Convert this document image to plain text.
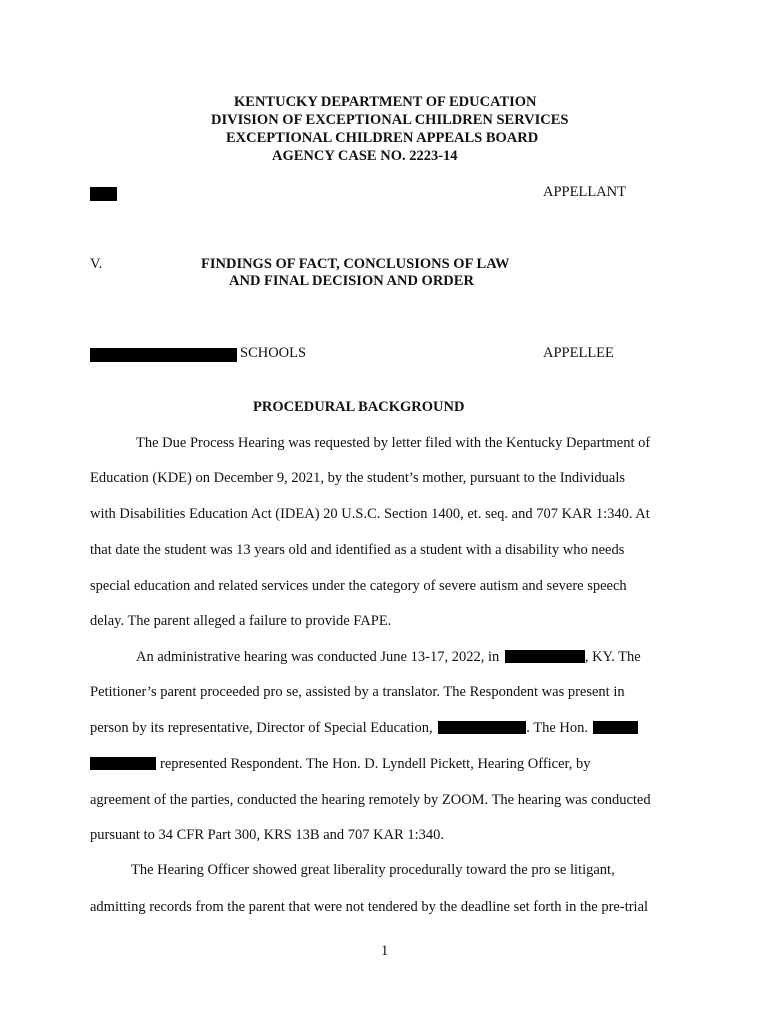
KENTUCKY DEPARTMENT OF EDUCATION
DIVISION OF EXCEPTIONAL CHILDREN SERVICES
EXCEPTIONAL CHILDREN APPEALS BOARD
AGENCY CASE NO. 2223-14
APPELLANT
V.	FINDINGS OF FACT, CONCLUSIONS OF LAW
AND FINAL DECISION AND ORDER
SCHOOLS	APPELLEE
PROCEDURAL BACKGROUND
The Due Process Hearing was requested by letter filed with the Kentucky Department of
Education (KDE) on December 9, 2021, by the student’s mother, pursuant to the Individuals
with Disabilities Education Act (IDEA) 20 U.S.C. Section 1400, et. seq. and 707 KAR 1:340. At
that date the student was 13 years old and identified as a student with a disability who needs
special education and related services under the category of severe autism and severe speech
delay. The parent alleged a failure to provide FAPE.
An administrative hearing was conducted June 13-17, 2022, in	, KY. The
Petitioner’s parent proceeded pro se, assisted by a translator. The Respondent was present in
person by its representative, Director of Special Education,	. The Hon.
represented Respondent. The Hon. D. Lyndell Pickett, Hearing Officer, by
agreement of the parties, conducted the hearing remotely by ZOOM. The hearing was conducted
pursuant to 34 CFR Part 300, KRS 13B and 707 KAR 1:340.
The Hearing Officer showed great liberality procedurally toward the pro se litigant,
admitting records from the parent that were not tendered by the deadline set forth in the pre-trial
1
